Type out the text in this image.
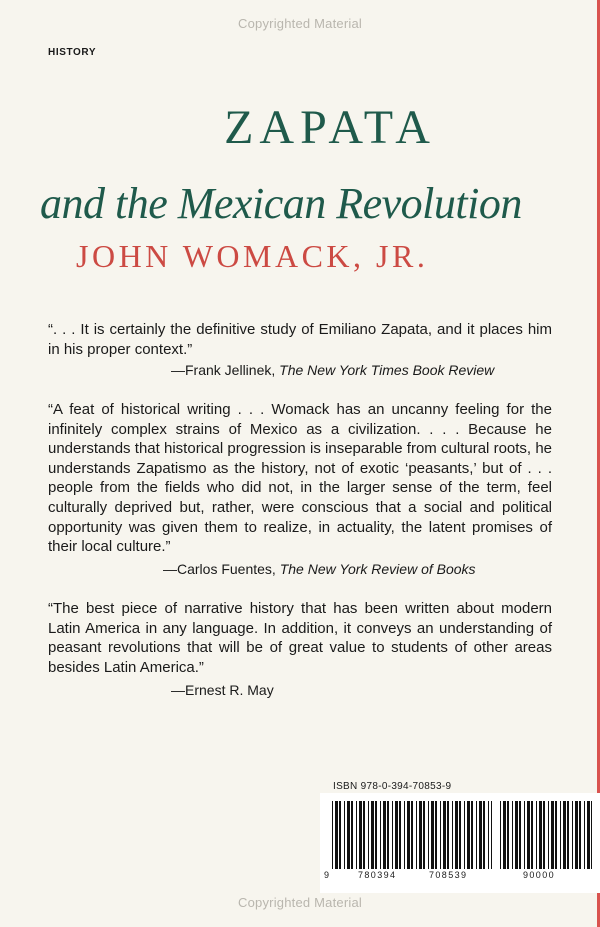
Copyrighted Material
HISTORY
ZAPATA
and the Mexican Revolution
JOHN WOMACK, JR.
“. . . It is certainly the definitive study of Emiliano Zapata, and it places him in his proper context.”
—Frank Jellinek, The New York Times Book Review
“A feat of historical writing . . . Womack has an uncanny feeling for the infinitely complex strains of Mexico as a civilization. . . . Because he understands that historical progression is inseparable from cultural roots, he understands Zapatismo as the history, not of exotic ‘peasants,’ but of . . . people from the fields who did not, in the larger sense of the term, feel culturally deprived but, rather, were conscious that a social and political opportunity was given them to realize, in actuality, the latent promises of their local culture.”
—Carlos Fuentes, The New York Review of Books
“The best piece of narrative history that has been written about modern Latin America in any language. In addition, it conveys an understanding of peasant revolutions that will be of great value to students of other areas besides Latin America.”
—Ernest R. May
ISBN 978-0-394-70853-9
9	780394	708539	90000
Copyrighted Material
